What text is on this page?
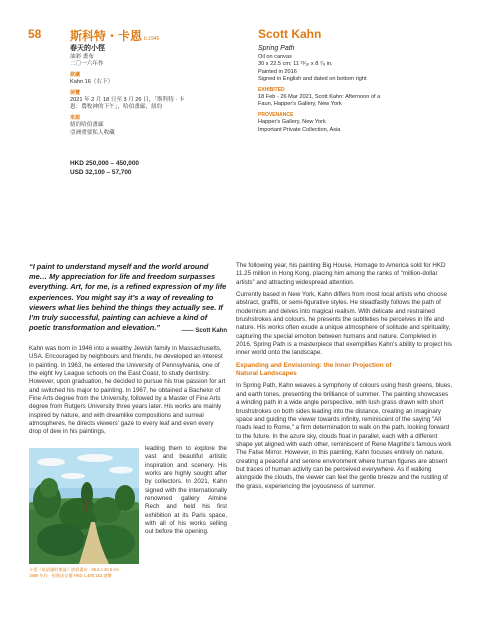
58 斯科特・卡恩 b.1946	Scott Kahn
春天的小徑
油彩 畫布
二〇一六年作
款識
Kahn 16（右下）
展覽
2021 年 2 月 18 日至 3 月 26 日，「斯科特 · 卡
恩：農牧神的下午」，哈伯畫廊，紐約
來源
紐約哈伯畫廊
亞洲重要私人收藏
Spring Path
Oil on canvas
30 x 22.5 cm; 11 ¹³⁄₁₆ x 8 ⁷⁄₈ in.
Painted in 2016
Signed in English and dated on bottom right
EXHIBITED
18 Feb - 26 Mar 2021, Scott Kahn: Afternoon of a
Faun, Happer's Gallery, New York
PROVENANCE
Happer's Gallery, New York
Important Private Collection, Asia
HKD 250,000 – 450,000
USD 32,100 – 57,700
“I paint to understand myself and the world around me… My appreciation for life and freedom surpasses everything. Art, for me, is a refined expression of my life experiences. You might say it’s a way of revealing to viewers what lies behind the things they actually see. If I’m truly successful, painting can achieve a kind of poetic transformation and elevation.”	—— Scott Kahn

Kahn was born in 1946 into a wealthy Jewish family in Massachusetts, USA. Encouraged by neighbours and friends, he developed an interest in painting. In 1963, he entered the University of Pennsylvania, one of the eight Ivy League schools on the East Coast, to study dentistry. However, upon graduation, he decided to pursue his true passion for art and switched his major to painting. In 1967, he obtained a Bachelor of Fine Arts degree from the University, followed by a Master of Fine Arts degree from Rutgers University three years later. His works are mainly inspired by nature, and with dreamlike compositions and surreal atmospheres, he directs viewers' gaze to every leaf and even every drop of dew in his paintings,

leading them to explore the vast and beautiful artistic inspiration and scenery. His works are highly sought after by collectors. In 2021, Kahn signed with the internationally renowned gallery Almine Rech and held his first exhibition at its Paris space, with all of his works selling out before the opening.

卡恩《低語邊的聖誕》油彩畫布 · 06.6 x 40.6 cm ·
1980 年作 · 拍賣成交價 HKD 1,400,152 港幣

The following year, his painting Big House, Homage to America sold for HKD 11.25 million in Hong Kong, placing him among the ranks of "million-dollar artists" and attracting widespread attention.

Currently based in New York, Kahn differs from most local artists who choose abstract, graffiti, or semi-figurative styles. He steadfastly follows the path of modernism and delves into magical realism. With delicate and restrained brushstrokes and colours, he presents the subtleties he perceives in life and nature. His works often exude a unique atmosphere of solitude and spirituality, capturing the special emotion between humans and nature. Completed in 2016, Spring Path is a masterpiece that exemplifies Kahn's ability to project his inner world onto the landscape.

Expanding and Envisioning: the Inner Projection of
Natural Landscapes

In Spring Path, Kahn weaves a symphony of colours using fresh greens, blues, and earth tones, presenting the brilliance of summer. The painting showcases a winding path in a wide angle perspective, with lush grass drawn with short brushstrokes on both sides leading into the distance, creating an imaginary space and guiding the viewer towards infinity, reminiscent of the saying "All roads lead to Rome," a firm determination to walk on the path, looking forward to the future. In the azure sky, clouds float in parallel, each with a different shape yet aligned with each other, reminiscent of Rene Magritte's famous work The False Mirror. However, in this painting, Kahn focuses entirely on nature, creating a peaceful and serene environment where human figures are absent but traces of human activity can be perceived everywhere. As if walking alongside the clouds, the viewer can feel the gentle breeze and the rustling of the grass, experiencing the joyousness of summer.
